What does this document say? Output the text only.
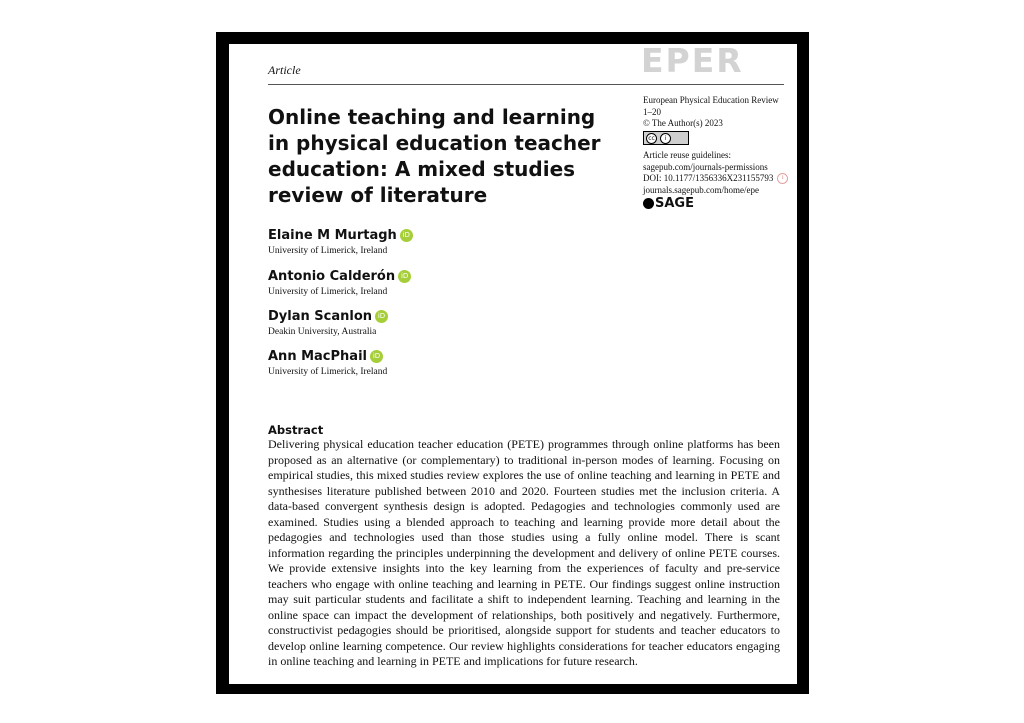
Article	EPER
Online teaching and learning in physical education teacher education: A mixed studies review of literature
European Physical Education Review
1–20
© The Author(s) 2023
cc	i
Article reuse guidelines:
sagepub.com/journals-permissions
DOI: 10.1177/1356336X231155793 i
journals.sagepub.com/home/epe
SAGE
Elaine M Murtagh iD
University of Limerick, Ireland
Antonio Calderón iD
University of Limerick, Ireland
Dylan Scanlon iD
Deakin University, Australia
Ann MacPhail iD
University of Limerick, Ireland
Abstract

Delivering physical education teacher education (PETE) programmes through online platforms has been proposed as an alternative (or complementary) to traditional in-person modes of learning. Focusing on empirical studies, this mixed studies review explores the use of online teaching and learning in PETE and synthesises literature published between 2010 and 2020. Fourteen studies met the inclusion criteria. A data-based convergent synthesis design is adopted. Pedagogies and technologies commonly used are examined. Studies using a blended approach to teaching and learning provide more detail about the pedagogies and technologies used than those studies using a fully online model. There is scant information regarding the principles underpinning the development and delivery of online PETE courses. We provide extensive insights into the key learning from the experiences of faculty and pre-service teachers who engage with online teaching and learning in PETE. Our findings suggest online instruction may suit particular students and facilitate a shift to independent learning. Teaching and learning in the online space can impact the development of relationships, both positively and negatively. Furthermore, constructivist pedagogies should be prioritised, alongside support for students and teacher educators to develop online learning competence. Our review highlights considerations for teacher educators engaging in online teaching and learning in PETE and implications for future research.
